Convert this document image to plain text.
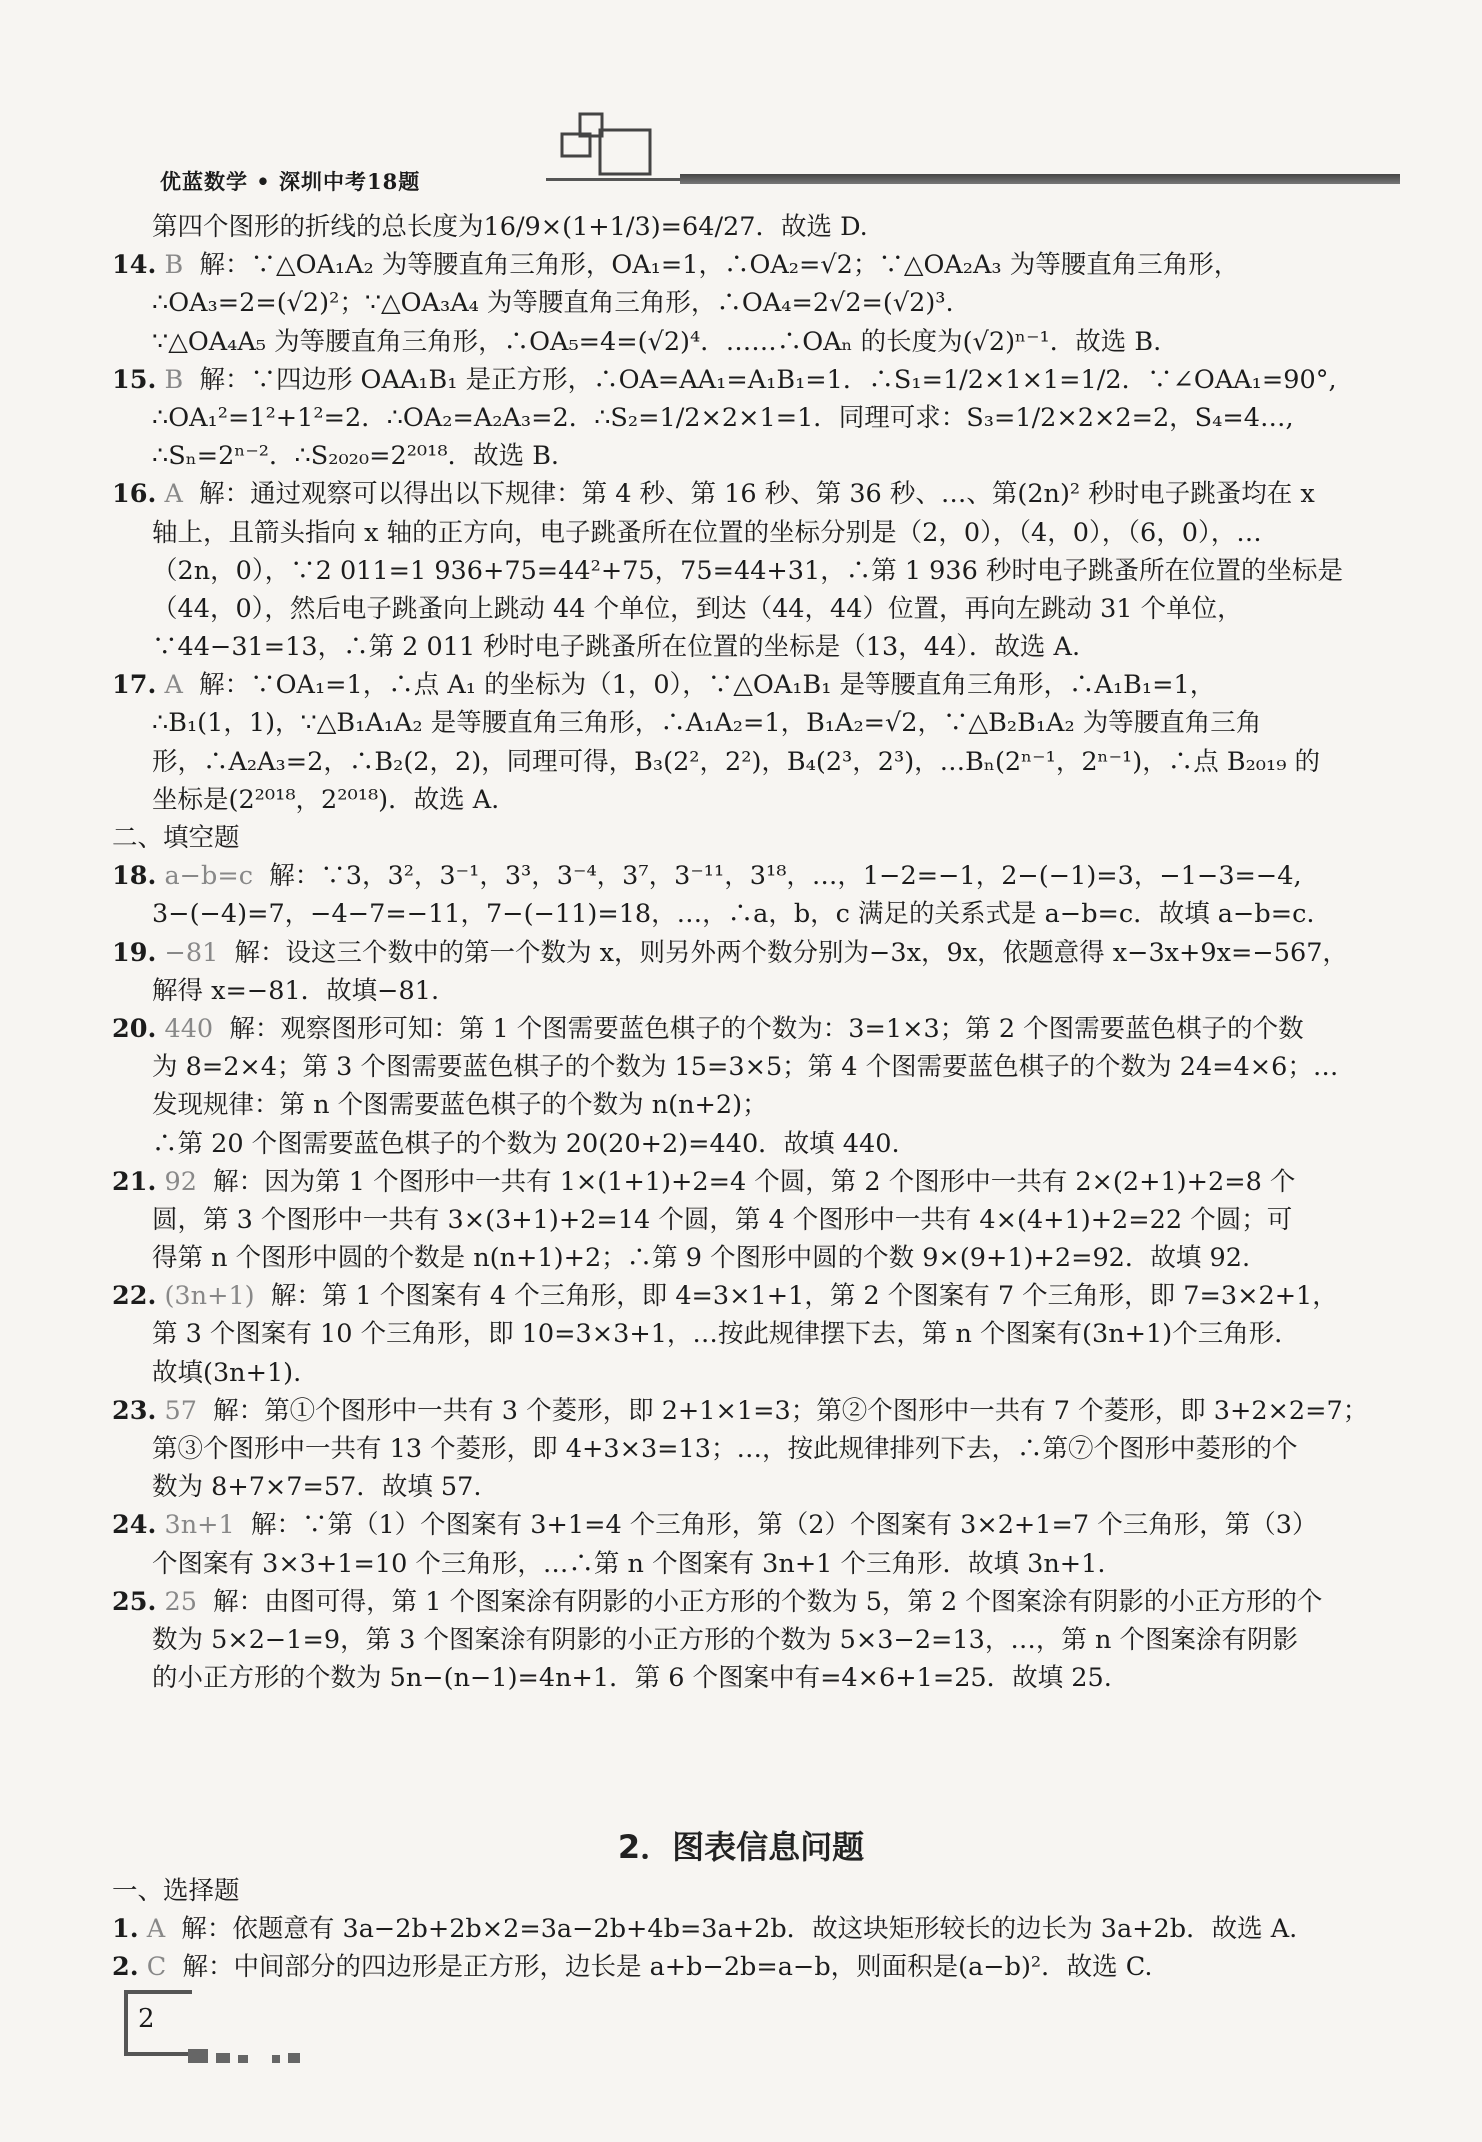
优蓝数学 • 深圳中考18题
第四个图形的折线的总长度为16/9×(1+1/3)=64/27．故选 D.
14. B 解：∵△OA₁A₂ 为等腰直角三角形，OA₁=1，∴OA₂=√2；∵△OA₂A₃ 为等腰直角三角形，
∴OA₃=2=(√2)²；∵△OA₃A₄ 为等腰直角三角形，∴OA₄=2√2=(√2)³.
∵△OA₄A₅ 为等腰直角三角形，∴OA₅=4=(√2)⁴．……∴OAₙ 的长度为(√2)ⁿ⁻¹．故选 B.
15. B 解：∵四边形 OAA₁B₁ 是正方形，∴OA=AA₁=A₁B₁=1．∴S₁=1/2×1×1=1/2．∵∠OAA₁=90°,
∴OA₁²=1²+1²=2．∴OA₂=A₂A₃=2．∴S₂=1/2×2×1=1．同理可求：S₃=1/2×2×2=2，S₄=4…,
∴Sₙ=2ⁿ⁻²．∴S₂₀₂₀=2²⁰¹⁸．故选 B.
16. A 解：通过观察可以得出以下规律：第 4 秒、第 16 秒、第 36 秒、…、第(2n)² 秒时电子跳蚤均在 x
轴上，且箭头指向 x 轴的正方向，电子跳蚤所在位置的坐标分别是（2，0），（4，0），（6，0），…
（2n，0），∵2 011=1 936+75=44²+75，75=44+31，∴第 1 936 秒时电子跳蚤所在位置的坐标是
（44，0），然后电子跳蚤向上跳动 44 个单位，到达（44，44）位置，再向左跳动 31 个单位，
∵44−31=13，∴第 2 011 秒时电子跳蚤所在位置的坐标是（13，44）．故选 A.
17. A 解：∵OA₁=1，∴点 A₁ 的坐标为（1，0），∵△OA₁B₁ 是等腰直角三角形，∴A₁B₁=1，
∴B₁(1，1)，∵△B₁A₁A₂ 是等腰直角三角形，∴A₁A₂=1，B₁A₂=√2，∵△B₂B₁A₂ 为等腰直角三角
形，∴A₂A₃=2，∴B₂(2，2)，同理可得，B₃(2²，2²)，B₄(2³，2³)，…Bₙ(2ⁿ⁻¹，2ⁿ⁻¹)，∴点 B₂₀₁₉ 的
坐标是(2²⁰¹⁸，2²⁰¹⁸)．故选 A.
二、填空题
18. a−b=c 解：∵3，3²，3⁻¹，3³，3⁻⁴，3⁷，3⁻¹¹，3¹⁸，…，1−2=−1，2−(−1)=3，−1−3=−4,
3−(−4)=7，−4−7=−11，7−(−11)=18，…，∴a，b，c 满足的关系式是 a−b=c．故填 a−b=c.
19. −81 解：设这三个数中的第一个数为 x，则另外两个数分别为−3x，9x，依题意得 x−3x+9x=−567，
解得 x=−81．故填−81.
20. 440 解：观察图形可知：第 1 个图需要蓝色棋子的个数为：3=1×3；第 2 个图需要蓝色棋子的个数
为 8=2×4；第 3 个图需要蓝色棋子的个数为 15=3×5；第 4 个图需要蓝色棋子的个数为 24=4×6；…
发现规律：第 n 个图需要蓝色棋子的个数为 n(n+2)；
∴第 20 个图需要蓝色棋子的个数为 20(20+2)=440．故填 440.
21. 92 解：因为第 1 个图形中一共有 1×(1+1)+2=4 个圆，第 2 个图形中一共有 2×(2+1)+2=8 个
圆，第 3 个图形中一共有 3×(3+1)+2=14 个圆，第 4 个图形中一共有 4×(4+1)+2=22 个圆；可
得第 n 个图形中圆的个数是 n(n+1)+2；∴第 9 个图形中圆的个数 9×(9+1)+2=92．故填 92.
22. (3n+1) 解：第 1 个图案有 4 个三角形，即 4=3×1+1，第 2 个图案有 7 个三角形，即 7=3×2+1，
第 3 个图案有 10 个三角形，即 10=3×3+1，…按此规律摆下去，第 n 个图案有(3n+1)个三角形．
故填(3n+1).
23. 57 解：第①个图形中一共有 3 个菱形，即 2+1×1=3；第②个图形中一共有 7 个菱形，即 3+2×2=7；
第③个图形中一共有 13 个菱形，即 4+3×3=13；…，按此规律排列下去，∴第⑦个图形中菱形的个
数为 8+7×7=57．故填 57.
24. 3n+1 解：∵第（1）个图案有 3+1=4 个三角形，第（2）个图案有 3×2+1=7 个三角形，第（3）
个图案有 3×3+1=10 个三角形，…∴第 n 个图案有 3n+1 个三角形．故填 3n+1.
25. 25 解：由图可得，第 1 个图案涂有阴影的小正方形的个数为 5，第 2 个图案涂有阴影的小正方形的个
数为 5×2−1=9，第 3 个图案涂有阴影的小正方形的个数为 5×3−2=13，…，第 n 个图案涂有阴影
的小正方形的个数为 5n−(n−1)=4n+1．第 6 个图案中有=4×6+1=25．故填 25.
2．图表信息问题
一、选择题
1. A 解：依题意有 3a−2b+2b×2=3a−2b+4b=3a+2b．故这块矩形较长的边长为 3a+2b．故选 A.
2. C 解：中间部分的四边形是正方形，边长是 a+b−2b=a−b，则面积是(a−b)²．故选 C.
2
